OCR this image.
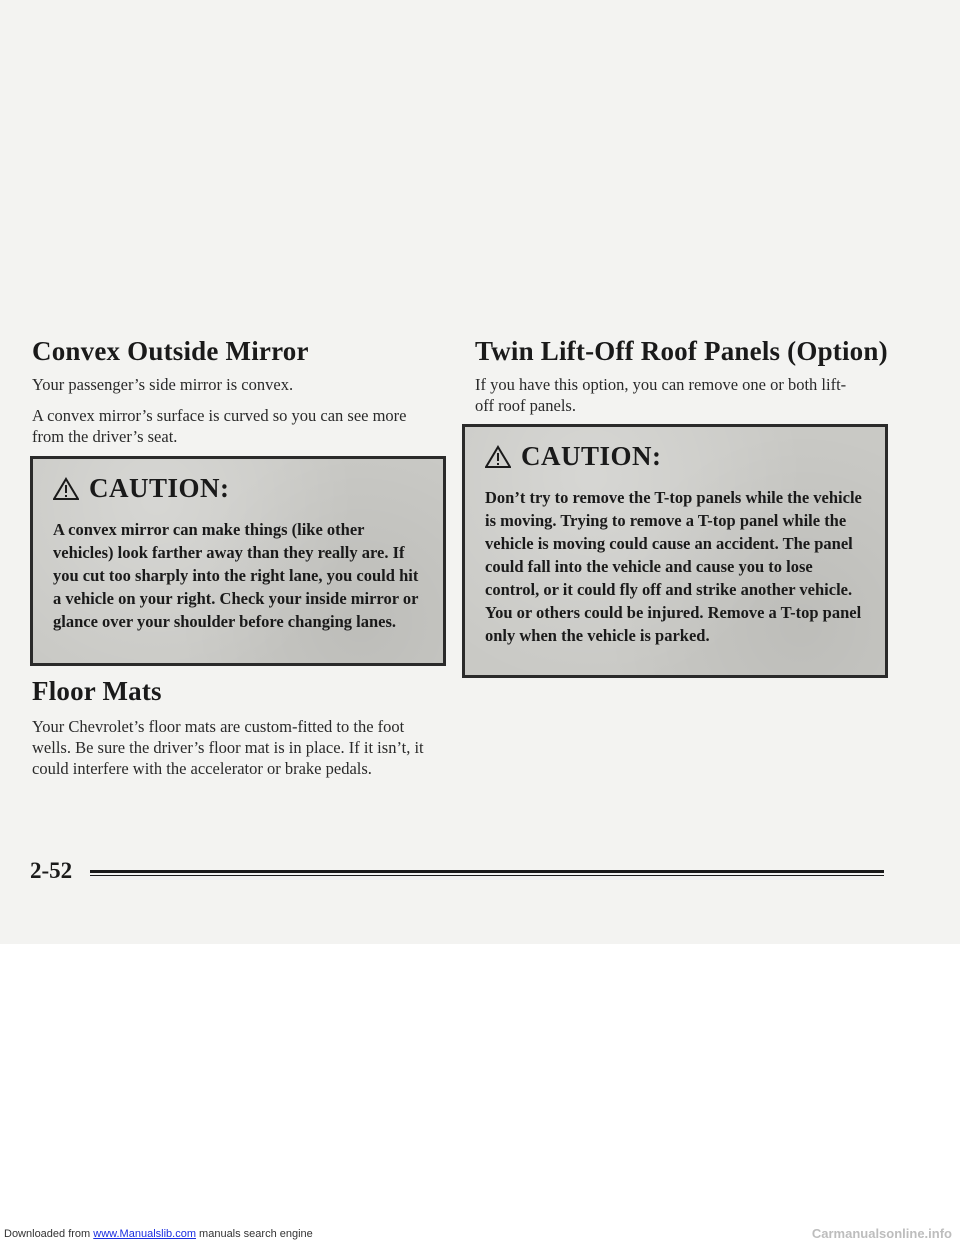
Convex Outside Mirror

Your passenger’s side mirror is convex.

A convex mirror’s surface is curved so you can see more from the driver’s seat.

CAUTION:

A convex mirror can make things (like other vehicles) look farther away than they really are. If you cut too sharply into the right lane, you could hit a vehicle on your right. Check your inside mirror or glance over your shoulder before changing lanes.

Floor Mats

Your Chevrolet’s floor mats are custom-fitted to the foot wells. Be sure the driver’s floor mat is in place. If it isn’t, it could interfere with the accelerator or brake pedals.

Twin Lift-Off Roof Panels (Option)

If you have this option, you can remove one or both lift-off roof panels.

CAUTION:

Don’t try to remove the T-top panels while the vehicle is moving. Trying to remove a T-top panel while the vehicle is moving could cause an accident. The panel could fall into the vehicle and cause you to lose control, or it could fly off and strike another vehicle. You or others could be injured. Remove a T-top panel only when the vehicle is parked.

2-52
Downloaded from www.Manualslib.com manuals search engine	Carmanualsonline.info
